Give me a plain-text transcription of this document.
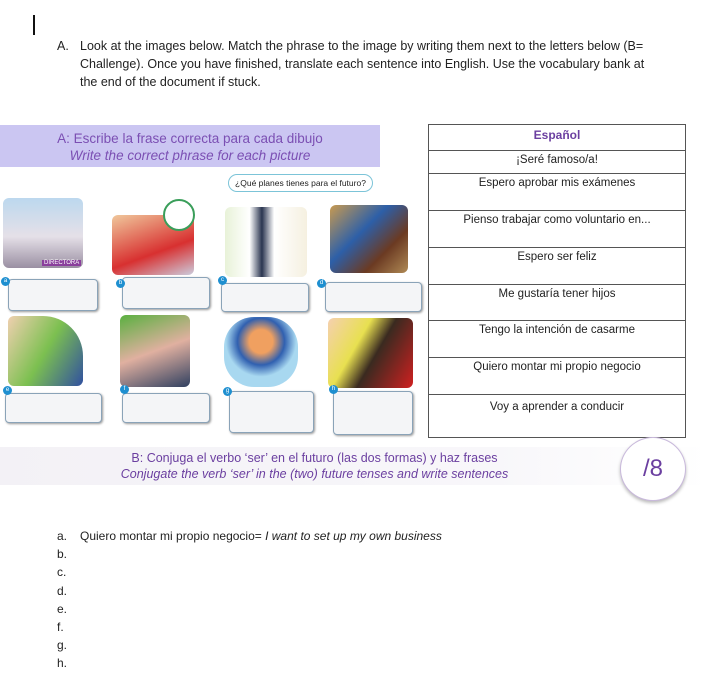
A. Look at the images below. Match the phrase to the image by writing them next to the letters below (B= Challenge). Once you have finished, translate each sentence into English. Use the vocabulary bank at the end of the document if stuck.
A: Escribe la frase correcta para cada dibujo
Write the correct phrase for each picture
¿Qué planes tienes para el futuro?
DIRECTORA
a	b	c	d
e	f	g	h
Español
¡Seré famoso/a!
Espero aprobar mis exámenes
Pienso trabajar como voluntario en...
Espero ser feliz
Me gustaría tener hijos
Tengo la intención de casarme
Quiero montar mi propio negocio
Voy a aprender a conducir
B: Conjuga el verbo ‘ser’ en el futuro (las dos formas) y haz frases
Conjugate the verb ‘ser’ in the (two) future tenses and write sentences	/8
a. Quiero montar mi propio negocio= I want to set up my own business
b.
c.
d.
e.
f.
g.
h.
